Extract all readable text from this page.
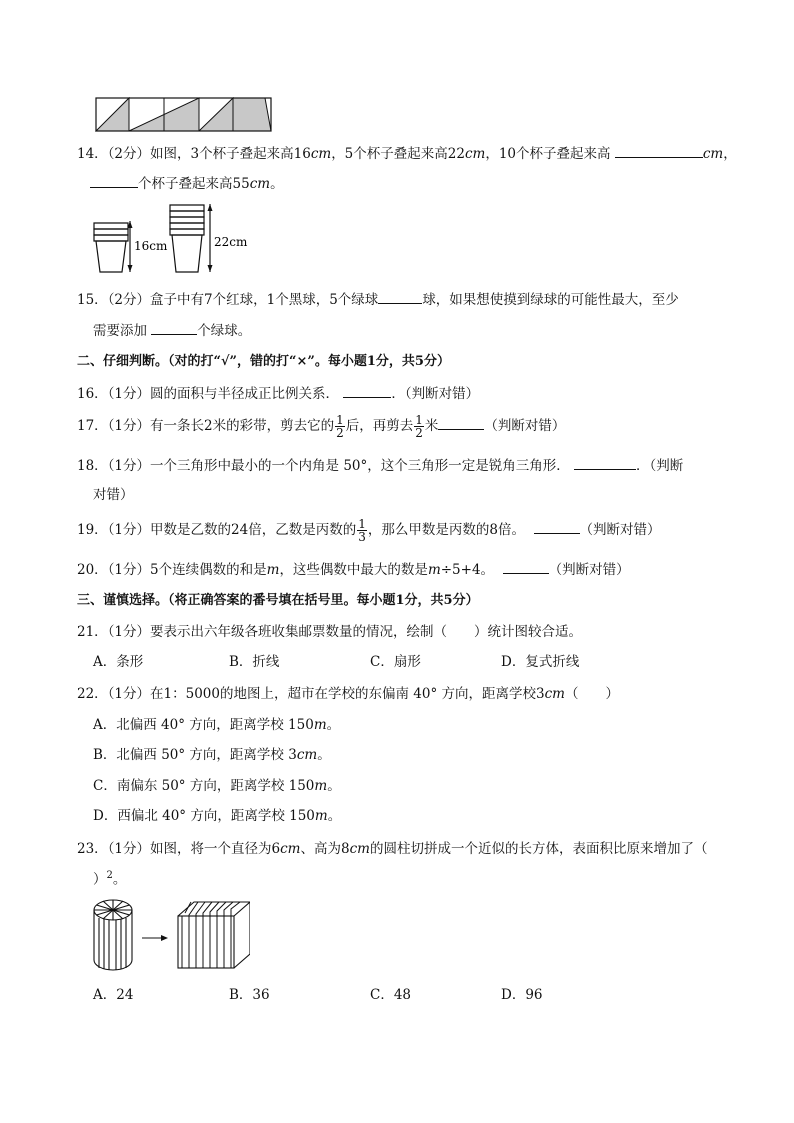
14．（2分）如图，3个杯子叠起来高16cm，5个杯子叠起来高22cm，10个杯子叠起来高	cm，
个杯子叠起来高55cm。
16cm	22cm
15．（2分）盒子中有7个红球，1个黑球，5个绿球	球，如果想使摸到绿球的可能性最大，至少
需要添加	个绿球。
二、仔细判断。（对的打“√”，错的打“×”。每小题1分，共5分）
16．（1分）圆的面积与半径成正比例关系．	．（判断对错）
17．（1分）有一条长2米的彩带，剪去它的 $\frac{1}{2}$ 后，再剪去 $\frac{1}{2}$ 米	（判断对错）
18．（1分）一个三角形中最小的一个内角是 50°，这个三角形一定是锐角三角形．	．（判断
对错）
19．（1分）甲数是乙数的24倍，乙数是丙数的 $\frac{1}{3}$ ，那么甲数是丙数的8倍。	（判断对错）
20．（1分）5个连续偶数的和是m，这些偶数中最大的数是m÷5+4。	（判断对错）
三、谨慎选择。（将正确答案的番号填在括号里。每小题1分，共5分）
21．（1分）要表示出六年级各班收集邮票数量的情况，绘制（　　）统计图较合适。
A．条形	B．折线	C．扇形	D．复式折线
22．（1分）在1：5000的地图上，超市在学校的东偏南 40° 方向，距离学校3cm（　　）
A．北偏西 40° 方向，距离学校 150m。
B．北偏西 50° 方向，距离学校 3cm。
C．南偏东 50° 方向，距离学校 150m。
D．西偏北 40° 方向，距离学校 150m。
23．（1分）如图，将一个直径为6cm、高为8cm的圆柱切拼成一个近似的长方体，表面积比原来增加了（
）$^2$。
A．24	B．36	C．48	D．96
